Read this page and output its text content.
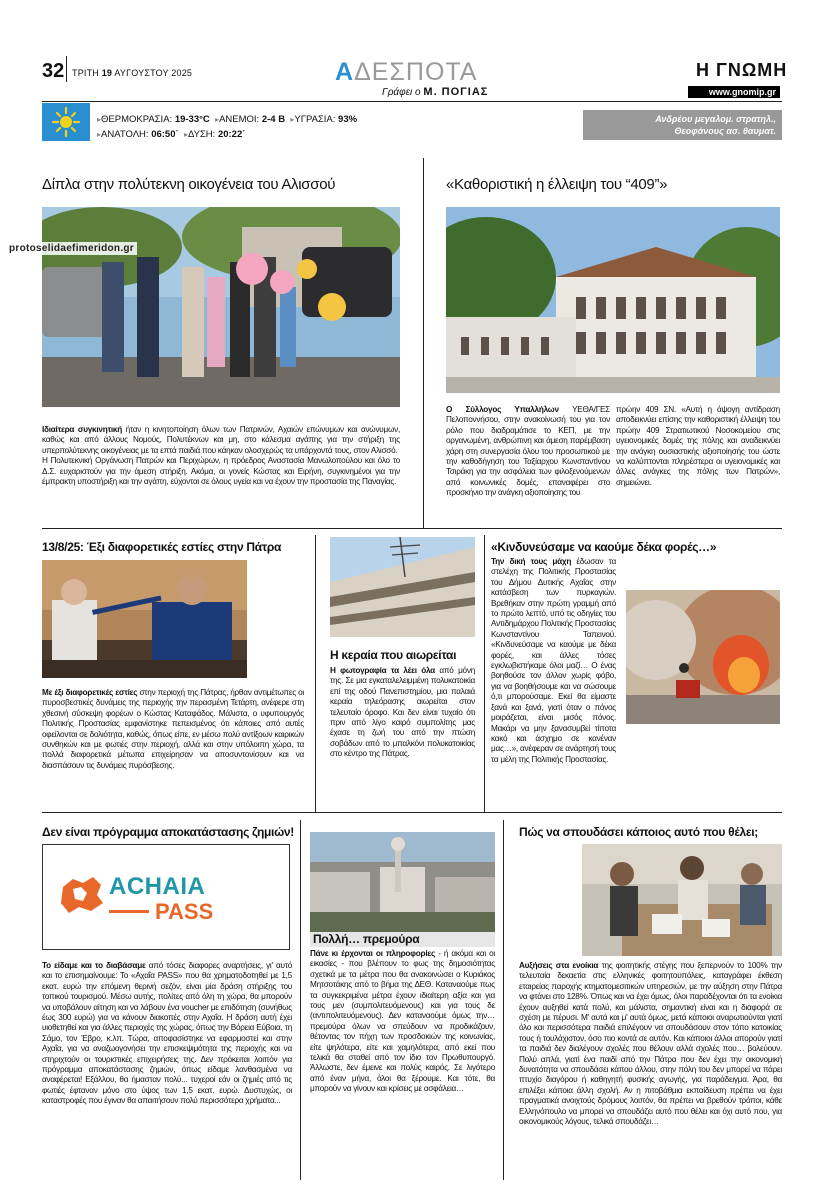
32 ΤΡΙΤΗ 19 ΑΥΓΟΥΣΤΟΥ 2025	ΑΔΕΣΠΟΤΑ
Γράφει ο Μ. ΠΟΓΙΑΣ
Η ΓΝΩΜΗ
www.gnomip.gr
▸ΘΕΡΜΟΚΡΑΣΙΑ: 19-33°C ▸ΑΝΕΜΟΙ: 2-4 Β ▸ΥΓΡΑΣΙΑ: 93%
▸ΑΝΑΤΟΛΗ: 06:50΄ ▸ΔΥΣΗ: 20:22΄
Ανδρέου μεγαλομ. στρατηλ.,
Θεοφάνους ασ. θαυματ.
Δίπλα στην πολύτεκνη οικογένεια του Αλισσού
protoselidaefimeridon.gr

Ιδιαίτερα συγκινητική ήταν η κινητοποίηση όλων των Πατρινών, Αχαιών επώνυμων και ανώνυμων, καθώς και από άλλους Νομούς, Πολυτέκνων και μη, στο κάλεσμα αγάπης για την στήριξη της υπερπολύτεκνης οικογένειας με τα επτά παιδιά που κάηκαν ολοσχερώς τα υπάρχοντά τους, στον Αλισσό.

Η Πολυτεκνική Οργάνωση Πατρών και Περιχώρων, η πρόεδρος Αναστασία Μανωλοπούλου και όλο το Δ.Σ. ευχαριστούν για την άμεση στήριξη. Ακόμα, οι γονείς Κώστας και Ειρήνη, συγκινημένοι για την έμπρακτη υποστήριξη και την αγάπη, εύχονται σε όλους υγεία και να έχουν την προστασία της Παναγίας.

«Καθοριστική η έλλειψη του “409”»

Ο Σύλλογος Υπαλλήλων ΥΕΘΑ/ΓΕΣ Πελοποννήσου, στην ανακοίνωσή του για τον ρόλο που διαδραμάτισε το ΚΕΠ, με την οργανωμένη, ανθρώπινη και άμεση παρέμβαση χάρη στη συνεργασία όλου του προσωπικού με την καθοδήγηση του Ταξίαρχου Κωνσταντίνου Τσιράκη για την ασφάλεια των φιλοξενούμενων από κοινωνικές δομές, επαναφέρει στο προσκήνιο την ανάγκη αξιοποίησης του

πρώην 409 ΣΝ. «Αυτή η άψογη αντίδραση αποδεικνύει επίσης την καθοριστική έλλειψη του πρώην 409 Στρατιωτικού Νοσοκομείου στις υγειονομικές δομές της πόλης και αναδεικνύει την ανάγκη ουσιαστικής αξιοποίησής του ώστε να καλύπτονται πληρέστερα οι υγειονομικές και άλλες ανάγκες της πόλης των Πατρών», σημειώνει.

13/8/25: Έξι διαφορετικές εστίες στην Πάτρα

Με έξι διαφορετικές εστίες στην περιοχή της Πάτρας, ήρθαν αντιμέτωπες οι πυροσβεστικές δυνάμεις της περιοχής την περασμένη Τετάρτη, ανέφερε στη χθεσινή σύσκεψη φορέων ο Κώστας Καταφάδος. Μάλιστα, ο υφυπουργός Πολιτικής Προστασίας εμφανίστηκε πεπεισμένος ότι κάποιες από αυτές οφείλονται σε δολιότητα, καθώς, όπως είπε, εν μέσω πολύ αντίξοων καιρικών συνθηκών και με φωτιές στην περιοχή, αλλά και στην υπόλοιπη χώρα, τα πολλά διαφορετικά μέτωπα επιχείρησαν να αποσυντονίσουν και να διασπάσουν τις δυνάμεις πυρόσβεσης.

Η κεραία που αιωρείται

Η φωτογραφία τα λέει όλα από μόνη της. Σε μια εγκαταλελειμμένη πολυκατοικία επί της οδού Πανεπιστημίου, μια παλαιά κεραία τηλεόρασης αιωρείται στον τελευταίο όροφο. Και δεν είναι τυχαίο ότι πριν από λίγο καιρό συμπολίτης μας έχασε τη ζωή του από την πτώση σοβάδων από το μπαλκόνι πολυκατοικίας στο κέντρο της Πάτρας.

«Κινδυνεύσαμε να καούμε δέκα φορές…»

Την δική τους μάχη έδωσαν τα στελέχη της Πολιτικής Προστασίας του Δήμου Δυτικής Αχαΐας στην κατάσβεση των πυρκαγιών. Βρεθήκαν στην πρώτη γραμμή από το πρώτο λεπτό, υπό τις οδηγίες του Αντιδημάρχου Πολιτικής Προστασίας Κωνσταντίνου Ταπεινού. «Κινδυνεύσαμε να καούμε με δέκα φορές, και άλλες τόσες εγκλωβιστήκαμε όλοι μαζί… Ο ένας βοηθούσε τον άλλον χωρίς φόβο, για να βοηθήσουμε και να σώσουμε ό,τι μπορούσαμε. Εκεί θα είμαστε ξανά και ξανά, γιατί όταν ο πόνος μοιράζεται, είναι μισός πόνος. Μακάρι να μην ξανασυμβεί τίποτα κακό και άσχημο σε κανέναν μας…», ανέφεραν σε ανάρτησή τους τα μέλη της Πολιτικής Προστασίας.

Δεν είναι πρόγραμμα αποκατάστασης ζημιών!
ACHAIA
PASS

Το είδαμε και το διαβάσαμε από τόσες διαφορες αναρτήσεις, γι' αυτό και το επισημαίνουμε: Το «Αχαΐα PASS» που θα χρηματοδοτηθεί με 1,5 εκατ. ευρώ την επόμενη θερινή σεζόν, είναι μία δράση στήριξης του τοπικού τουρισμού. Μέσω αυτής, πολίτες από όλη τη χώρα, θα μπορούν να υποβάλουν αίτηση και να λάβουν ένα voucher με επιδότηση (συνήθως έως 300 ευρώ) για να κάνουν διακοπές στην Αχαΐα. Η δράση αυτή έχει υιοθετηθεί και για άλλες περιοχές της χώρας, όπως την Βόρεια Εύβοια, τη Σάμο, τον Έβρο, κ.λπ. Τώρα, αποφασίστηκε να εφαρμοστεί και στην Αχαΐα, για να αναζωογονήσει την επισκεψιμότητα της περιοχής και να στηριχτούν οι τουριστικές επιχειρήσεις της. Δεν πρόκειται λοιπόν για πρόγραμμα αποκατάστασης ζημιών, όπως είδαμε λανθασμένα να αναφέρεται! Εξάλλου, θα ήμασταν πολύ... τυχεροί εάν οι ζημιές από τις φωτιές έφταναν μόνο στο ύψος των 1,5 εκατ. ευρώ. Δυστυχώς, οι καταστροφές που έγιναν θα απαιτήσουν πολύ περισσότερα χρήματα...

Πολλή… πρεμούρα

Πάνε κι έρχονται οι πληροφορίες - ή ακόμα και οι εικασίες - που βλέπουν το φως της δημοσιότητας σχετικά με τα μέτρα που θα ανακοινώσει ο Κυριάκος Μητσοτάκης από το βήμα της ΔΕΘ. Καταναούμε πως τα συγκεκριμένα μέτρα έχουν ιδιαίτερη αξία και για τους μεν (συμπολιτευόμενους) και για τους δε (αντιπολιτευόμενους). Δεν καταναούμε όμως την… πρεμούρα όλων να σπεύδουν να προδικάζουν, θέτοντας τον πήχη των προσδοκιών της κοινωνίας, είτε ψηλότερα, είτε και χαμηλότερα, από εκεί που τελικά θα σταθεί από τον ίδιο τον Πρωθυπουργό. Άλλωστε, δεν έμεινε και πολύς καιρός. Σε λιγότερο από έναν μήνα, όλοι θα ξέρουμε. Και τότε, θα μπορούν να γίνουν και κρίσεις με ασφάλεια…

Πώς να σπουδάσει κάποιος αυτό που θέλει;

Αυξήσεις στα ενοίκια της φοιτητικής στέγης που ξεπερνούν το 100% την τελευταία δεκαετία στις ελληνικές φοιτητουπόλεις, καταγράφει έκθεση εταιρείας παροχής κτηματομεσιτικών υπηρεσιών, με την αύξηση στην Πάτρα να φτάνει στο 128%. Όπως και να έχει όμως, όλοι παραδέχονται ότι τα ενοίκια έχουν αυξηθεί κατά πολύ, και μάλιστα, σημαντική είναι και η διαφορά σε σχέση με πέρυσι. Μ' αυτά και μ' αυτά όμως, μετά κάποιοι αναρωτιούνται γιατί όλο και περισσότερα παιδιά επιλέγουν να σπουδάσουν στον τόπο κατοικίας τους ή τουλάχιστον, όσο πιο κοντά σε αυτόν. Και κάποιοι άλλοι απορούν γιατί τα παιδιά δεν διαλέγουν σχολές που θέλουν αλλά σχολές που… βολεύουν. Πολύ απλά, γιατί ένα παιδί από την Πάτρα που δεν έχει την οικονομική δυνατότητα να σπουδάσει κάπου άλλου, στην πόλη του δεν μπορεί να πάρει πτυχίο διαγόρου ή καθηγητή φυσικής αγωγής, για παράδειγμα. Άρα, θα επιλέξει κάποια άλλη σχολή. Αν η πιτοβάθμια εκπαίδευση πρέπει να έχει πραγματικά ανοιχτούς δρόμους λοιπόν, θα πρέπει να βρεθούν τρόποι, κάθε Ελληνόπουλο να μπορεί να σπουδάζει αυτό που θέλει και όχι αυτό που, για οικονομικούς λόγους, τελικά σπουδάζει…
